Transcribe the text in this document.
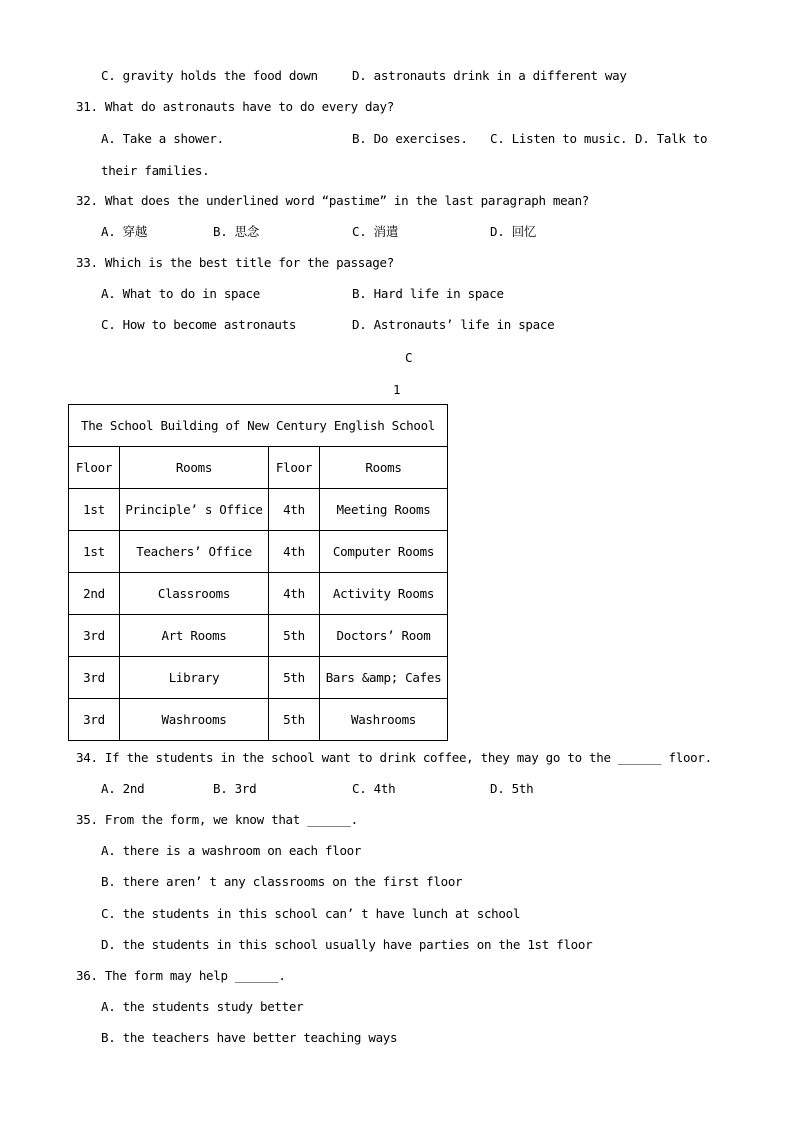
C. gravity holds the food down	D. astronauts drink in a different way
31. What do astronauts have to do every day?
A. Take a shower.	B. Do exercises. C. Listen to music. D. Talk to
their families.
32. What does the underlined word “pastime” in the last paragraph mean?
A. 穿越	B. 思念	C. 消遣	D. 回忆
33. Which is the best title for the passage?
A. What to do in space	B. Hard life in space
C. How to become astronauts	D. Astronauts’ life in space
C
1
The School Building of New Century English School
Floor	Rooms	Floor	Rooms
1st	Principle’ s Office	4th	Meeting Rooms
1st	Teachers’ Office	4th	Computer Rooms
2nd	Classrooms	4th	Activity Rooms
3rd	Art Rooms	5th	Doctors’ Room
3rd	Library	5th	Bars &amp; Cafes
3rd	Washrooms	5th	Washrooms
34. If the students in the school want to drink coffee, they may go to the ______ floor.
A. 2nd	B. 3rd	C. 4th	D. 5th
35. From the form, we know that ______.
A. there is a washroom on each floor
B. there aren’ t any classrooms on the first floor
C. the students in this school can’ t have lunch at school
D. the students in this school usually have parties on the 1st floor
36. The form may help ______.
A. the students study better
B. the teachers have better teaching ways
